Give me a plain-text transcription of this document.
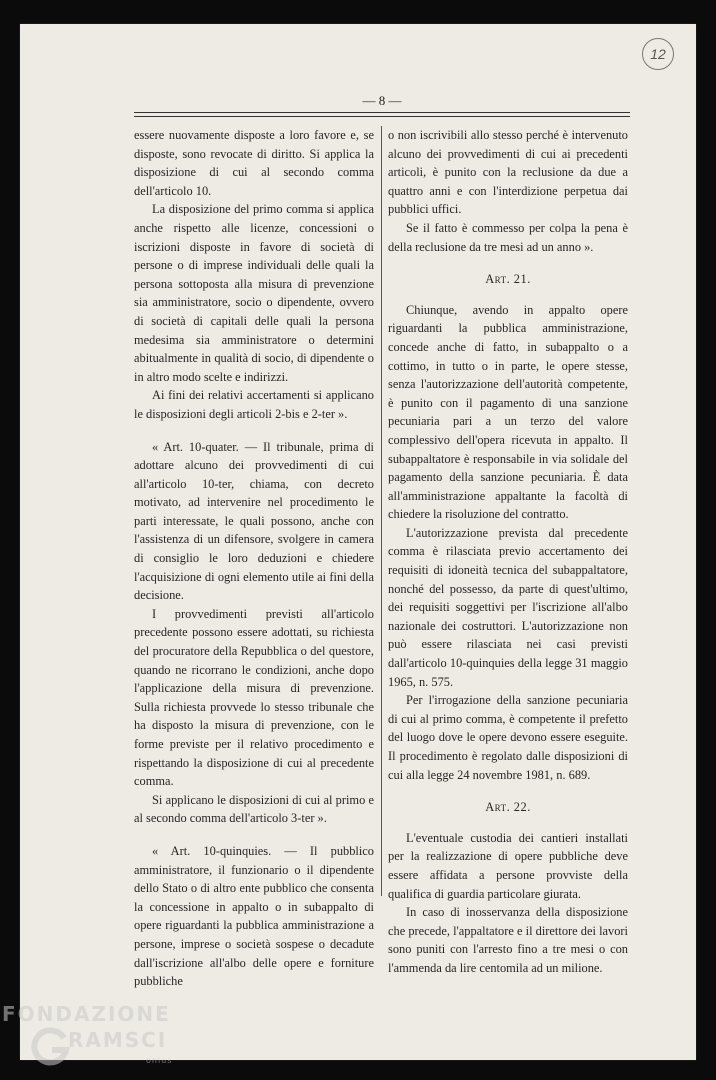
12
— 8 —

essere nuovamente disposte a loro favore e, se disposte, sono revocate di diritto. Si applica la disposizione di cui al secondo comma dell'articolo 10.

La disposizione del primo comma si applica anche rispetto alle licenze, concessioni o iscrizioni disposte in favore di società di persone o di imprese individuali delle quali la persona sottoposta alla misura di prevenzione sia amministratore, socio o dipendente, ovvero di società di capitali delle quali la persona medesima sia amministratore o determini abitualmente in qualità di socio, di dipendente o in altro modo scelte e indirizzi.

Ai fini dei relativi accertamenti si applicano le disposizioni degli articoli 2-bis e 2-ter ».

« Art. 10-quater. — Il tribunale, prima di adottare alcuno dei provvedimenti di cui all'articolo 10-ter, chiama, con decreto motivato, ad intervenire nel procedimento le parti interessate, le quali possono, anche con l'assistenza di un difensore, svolgere in camera di consiglio le loro deduzioni e chiedere l'acquisizione di ogni elemento utile ai fini della decisione.

I provvedimenti previsti all'articolo precedente possono essere adottati, su richiesta del procuratore della Repubblica o del questore, quando ne ricorrano le condizioni, anche dopo l'applicazione della misura di prevenzione. Sulla richiesta provvede lo stesso tribunale che ha disposto la misura di prevenzione, con le forme previste per il relativo procedimento e rispettando la disposizione di cui al precedente comma.

Si applicano le disposizioni di cui al primo e al secondo comma dell'articolo 3-ter ».

« Art. 10-quinquies. — Il pubblico amministratore, il funzionario o il dipendente dello Stato o di altro ente pubblico che consenta la concessione in appalto o in subappalto di opere riguardanti la pubblica amministrazione a persone, imprese o società sospese o decadute dall'iscrizione all'albo delle opere e forniture pubbliche

o non iscrivibili allo stesso perché è intervenuto alcuno dei provvedimenti di cui ai precedenti articoli, è punito con la reclusione da due a quattro anni e con l'interdizione perpetua dai pubblici uffici.

Se il fatto è commesso per colpa la pena è della reclusione da tre mesi ad un anno ».

Art. 21.

Chiunque, avendo in appalto opere riguardanti la pubblica amministrazione, concede anche di fatto, in subappalto o a cottimo, in tutto o in parte, le opere stesse, senza l'autorizzazione dell'autorità competente, è punito con il pagamento di una sanzione pecuniaria pari a un terzo del valore complessivo dell'opera ricevuta in appalto. Il subappaltatore è responsabile in via solidale del pagamento della sanzione pecuniaria. È data all'amministrazione appaltante la facoltà di chiedere la risoluzione del contratto.

L'autorizzazione prevista dal precedente comma è rilasciata previo accertamento dei requisiti di idoneità tecnica del subappaltatore, nonché del possesso, da parte di quest'ultimo, dei requisiti soggettivi per l'iscrizione all'albo nazionale dei costruttori. L'autorizzazione non può essere rilasciata nei casi previsti dall'articolo 10-quinquies della legge 31 maggio 1965, n. 575.

Per l'irrogazione della sanzione pecuniaria di cui al primo comma, è competente il prefetto del luogo dove le opere devono essere eseguite. Il procedimento è regolato dalle disposizioni di cui alla legge 24 novembre 1981, n. 689.

Art. 22.

L'eventuale custodia dei cantieri installati per la realizzazione di opere pubbliche deve essere affidata a persone provviste della qualifica di guardia particolare giurata.

In caso di inosservanza della disposizione che precede, l'appaltatore e il direttore dei lavori sono puniti con l'arresto fino a tre mesi o con l'ammenda da lire centomila ad un milione.

FONDAZIONE
RAMSCI
onlus
